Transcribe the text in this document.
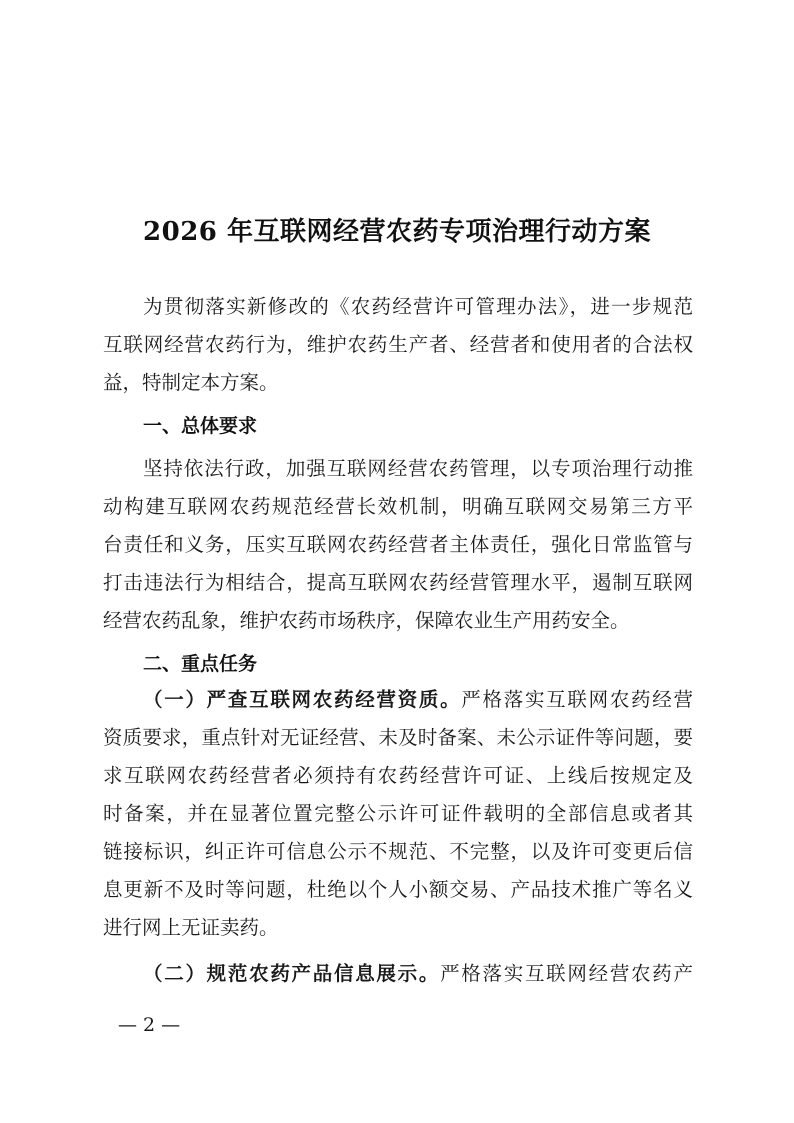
2026 年互联网经营农药专项治理行动方案
为贯彻落实新修改的《农药经营许可管理办法》，进一步规范
互联网经营农药行为，维护农药生产者、经营者和使用者的合法权
益，特制定本方案。
一、总体要求
坚持依法行政，加强互联网经营农药管理，以专项治理行动推
动构建互联网农药规范经营长效机制，明确互联网交易第三方平
台责任和义务，压实互联网农药经营者主体责任，强化日常监管与
打击违法行为相结合，提高互联网农药经营管理水平，遏制互联网
经营农药乱象，维护农药市场秩序，保障农业生产用药安全。
二、重点任务
（一）严查互联网农药经营资质。严格落实互联网农药经营
资质要求，重点针对无证经营、未及时备案、未公示证件等问题，要
求互联网农药经营者必须持有农药经营许可证、上线后按规定及
时备案，并在显著位置完整公示许可证件载明的全部信息或者其
链接标识，纠正许可信息公示不规范、不完整，以及许可变更后信
息更新不及时等问题，杜绝以个人小额交易、产品技术推广等名义
进行网上无证卖药。
（二）规范农药产品信息展示。严格落实互联网经营农药产
— 2 —
